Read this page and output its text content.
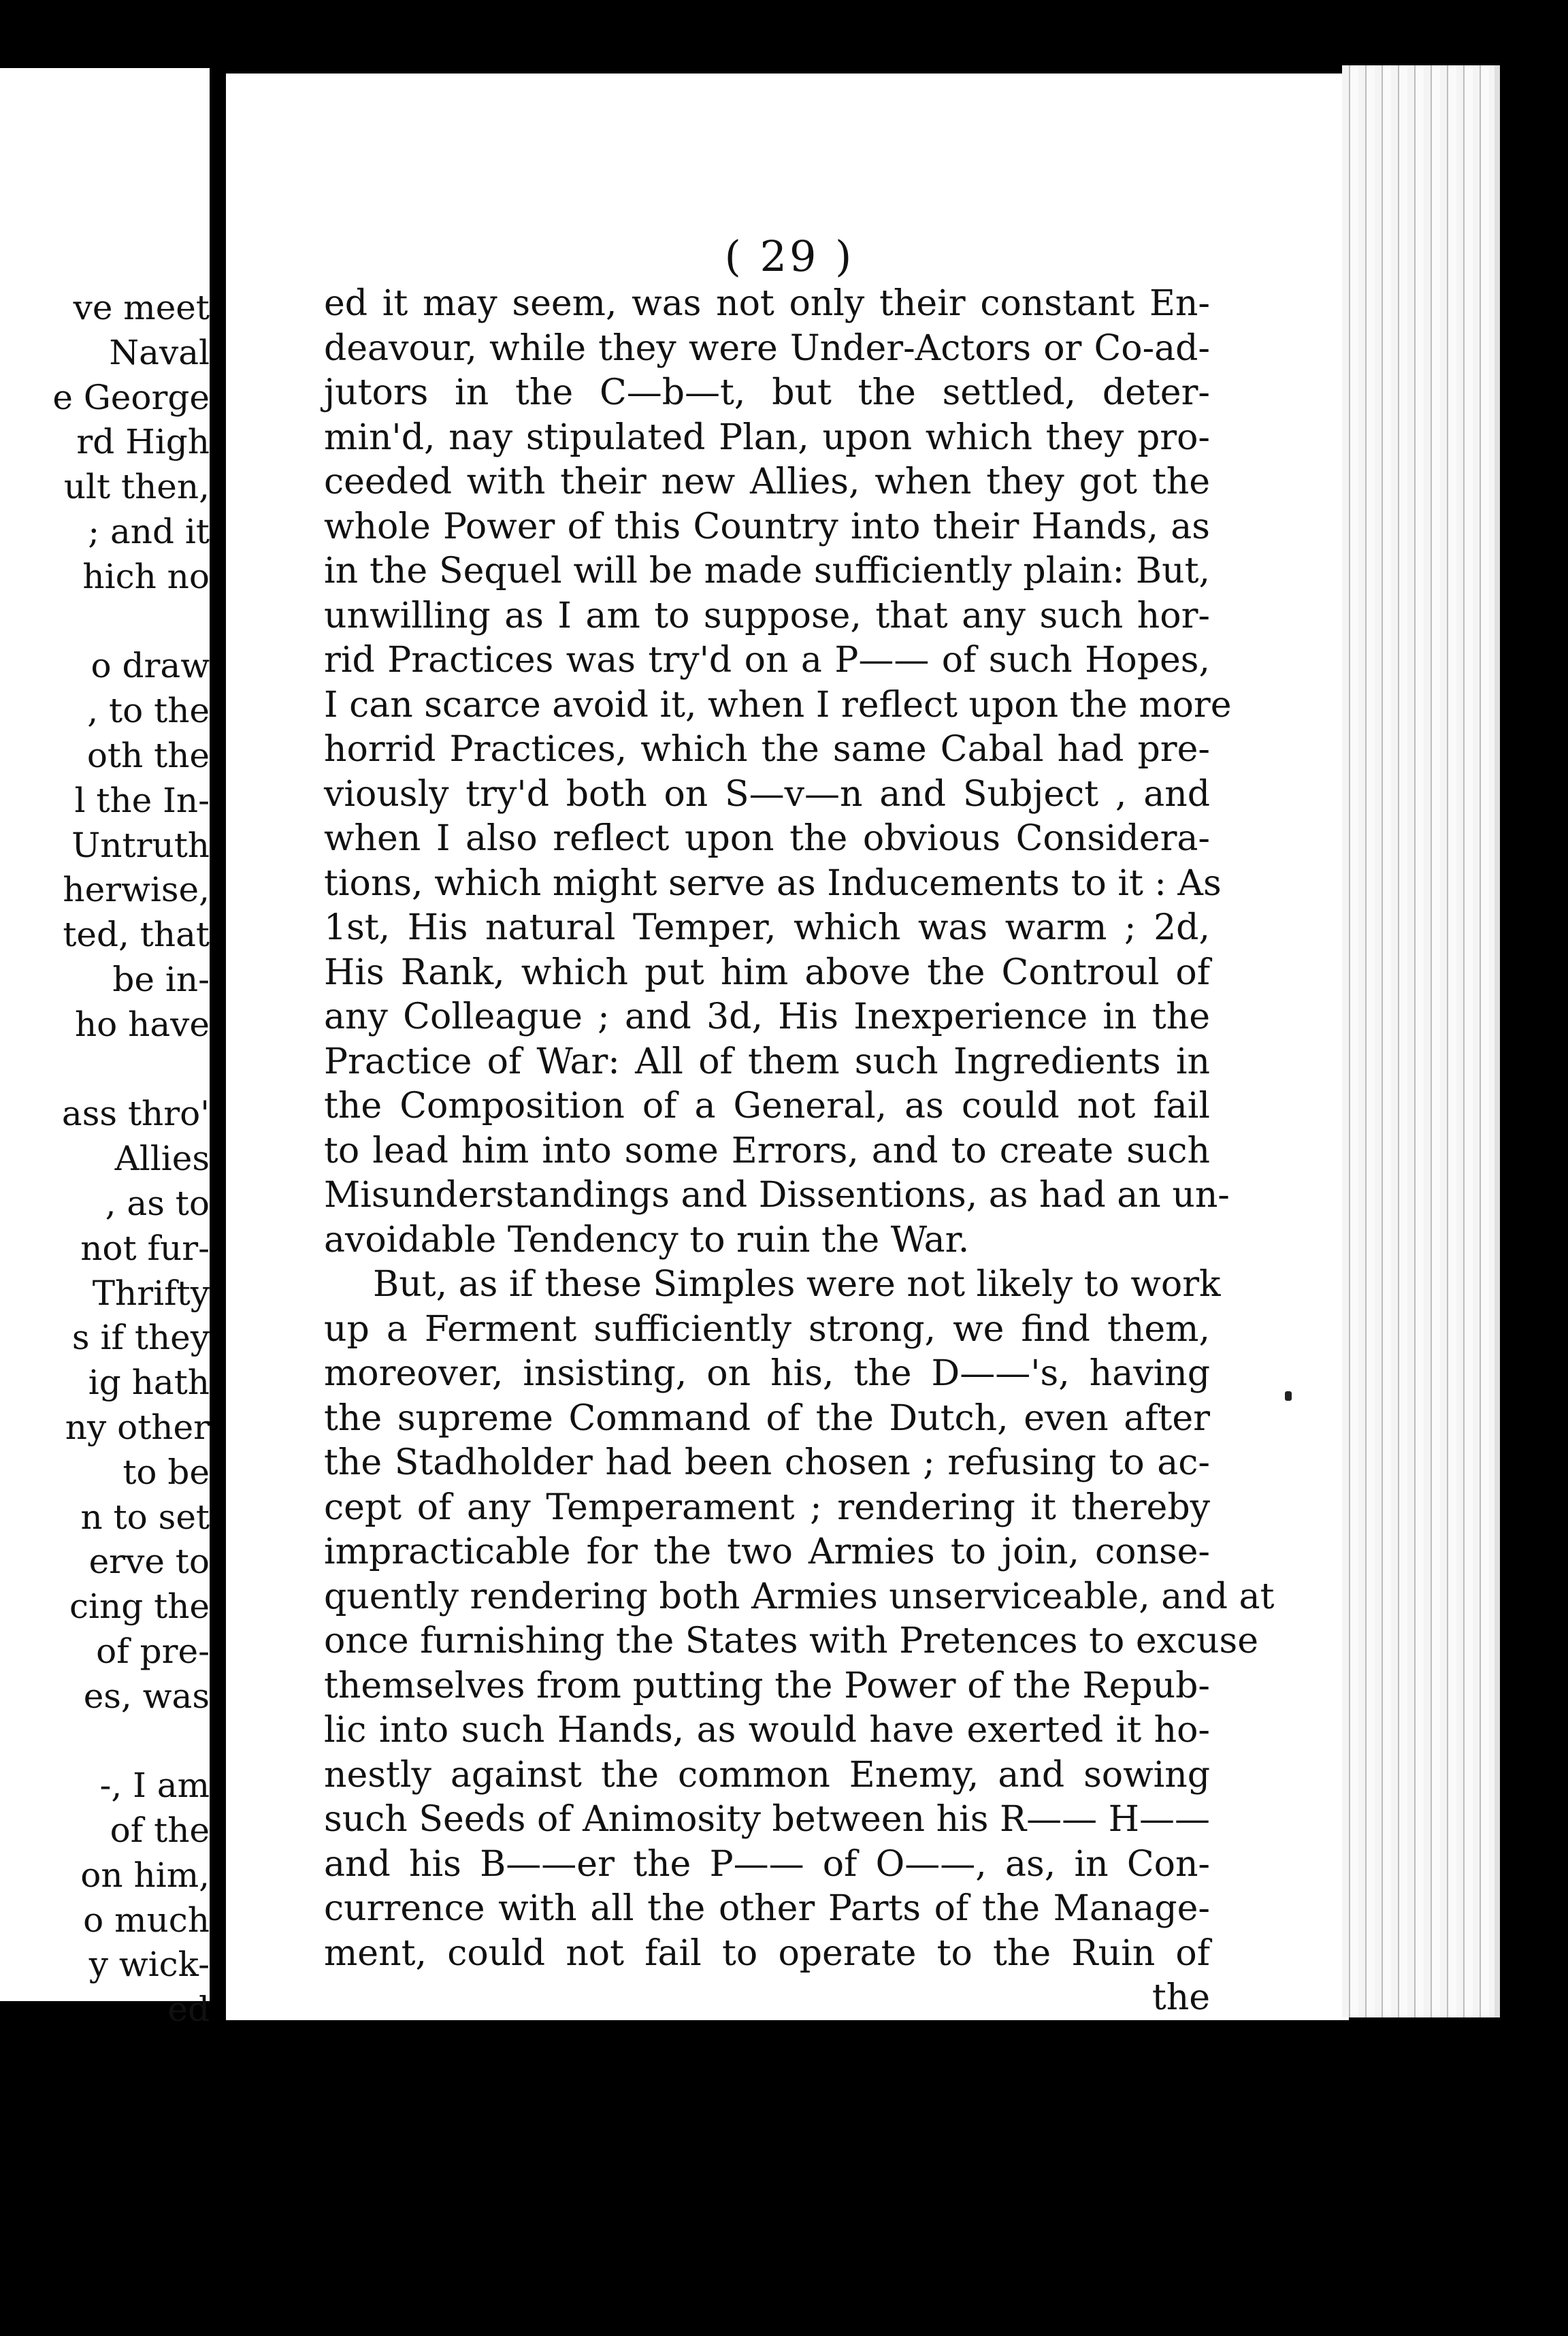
ve meet
Naval
e George
rd High
ult then,
; and it
hich no
o draw
, to the
oth the
l the In-
Untruth
herwise,
ted, that
be in-
ho have
ass thro'
Allies
, as to
not fur-
Thrifty
s if they
ig hath
ny other
to be
n to set
erve to
cing the
of pre-
es, was
-, I am
of the
on him,
o much
y wick-
ed
( 29 )
ed it may seem, was not only their constant En-
deavour, while they were Under-Actors or Co-ad-
jutors in the C—b—t, but the settled, deter-
min'd, nay stipulated Plan, upon which they pro-
ceeded with their new Allies, when they got the
whole Power of this Country into their Hands, as
in the Sequel will be made sufficiently plain: But,
unwilling as I am to suppose, that any such hor-
rid Practices was try'd on a P—— of such Hopes,
I can scarce avoid it, when I reflect upon the more
horrid Practices, which the same Cabal had pre-
viously try'd both on S—v—n and Subject , and
when I also reflect upon the obvious Considera-
tions, which might serve as Inducements to it : As
1st, His natural Temper, which was warm ; 2d,
His Rank, which put him above the Controul of
any Colleague ; and 3d, His Inexperience in the
Practice of War: All of them such Ingredients in
the Composition of a General, as could not fail
to lead him into some Errors, and to create such
Misunderstandings and Dissentions, as had an un-
avoidable Tendency to ruin the War.
But, as if these Simples were not likely to work
up a Ferment sufficiently strong, we find them,
moreover, insisting, on his, the D——'s, having
the supreme Command of the Dutch, even after
the Stadholder had been chosen ; refusing to ac-
cept of any Temperament ; rendering it thereby
impracticable for the two Armies to join, conse-
quently rendering both Armies unserviceable, and at
once furnishing the States with Pretences to excuse
themselves from putting the Power of the Repub-
lic into such Hands, as would have exerted it ho-
nestly against the common Enemy, and sowing
such Seeds of Animosity between his R—— H——
and his B——er the P—— of O——, as, in Con-
currence with all the other Parts of the Manage-
ment, could not fail to operate to the Ruin of
the
